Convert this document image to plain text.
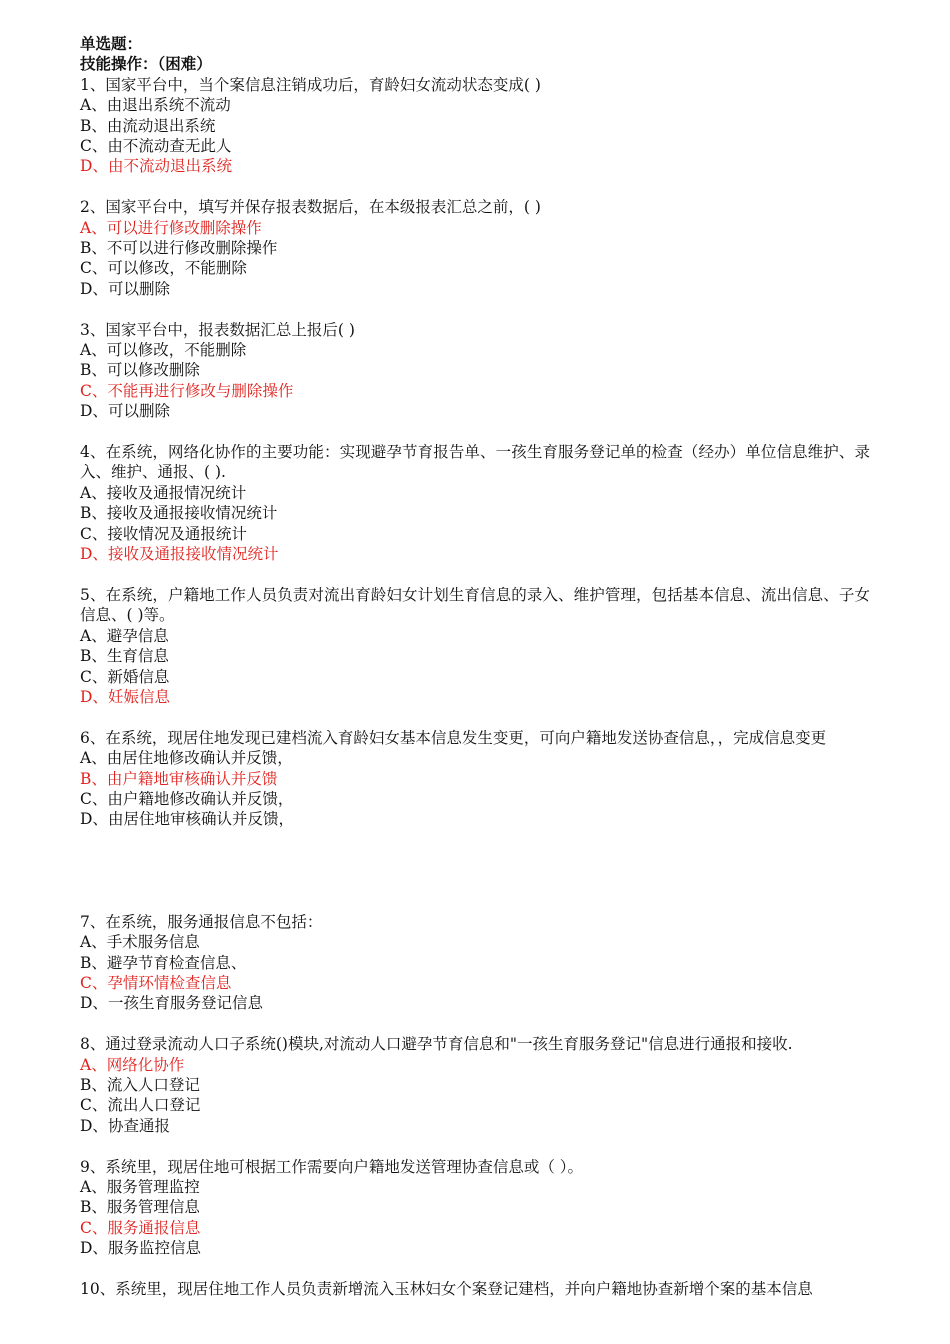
单选题：
技能操作：（困难）
1、国家平台中，当个案信息注销成功后，育龄妇女流动状态变成( )
A、由退出系统不流动
B、由流动退出系统
C、由不流动查无此人
D、由不流动退出系统
2、国家平台中，填写并保存报表数据后，在本级报表汇总之前，( )
A、可以进行修改删除操作
B、不可以进行修改删除操作
C、可以修改，不能删除
D、可以删除
3、国家平台中，报表数据汇总上报后( )
A、可以修改，不能删除
B、可以修改删除
C、不能再进行修改与删除操作
D、可以删除
4、在系统，网络化协作的主要功能：实现避孕节育报告单、一孩生育服务登记单的检查（经办）单位信息维护、录入、维护、通报、( ).
A、接收及通报情况统计
B、接收及通报接收情况统计
C、接收情况及通报统计
D、接收及通报接收情况统计
5、在系统，户籍地工作人员负责对流出育龄妇女计划生育信息的录入、维护管理，包括基本信息、流出信息、子女信息、( )等。
A、避孕信息
B、生育信息
C、新婚信息
D、妊娠信息
6、在系统，现居住地发现已建档流入育龄妇女基本信息发生变更，可向户籍地发送协查信息，，完成信息变更
A、由居住地修改确认并反馈，
B、由户籍地审核确认并反馈
C、由户籍地修改确认并反馈，
D、由居住地审核确认并反馈，
7、在系统，服务通报信息不包括：
A、手术服务信息
B、避孕节育检查信息、
C、孕情环情检查信息
D、一孩生育服务登记信息
8、通过登录流动人口子系统()模块,对流动人口避孕节育信息和"一孩生育服务登记"信息进行通报和接收.
A、网络化协作
B、流入人口登记
C、流出人口登记
D、协查通报
9、系统里，现居住地可根据工作需要向户籍地发送管理协查信息或（ ）。
A、服务管理监控
B、服务管理信息
C、服务通报信息
D、服务监控信息
10、系统里，现居住地工作人员负责新增流入玉林妇女个案登记建档，并向户籍地协查新增个案的基本信息
